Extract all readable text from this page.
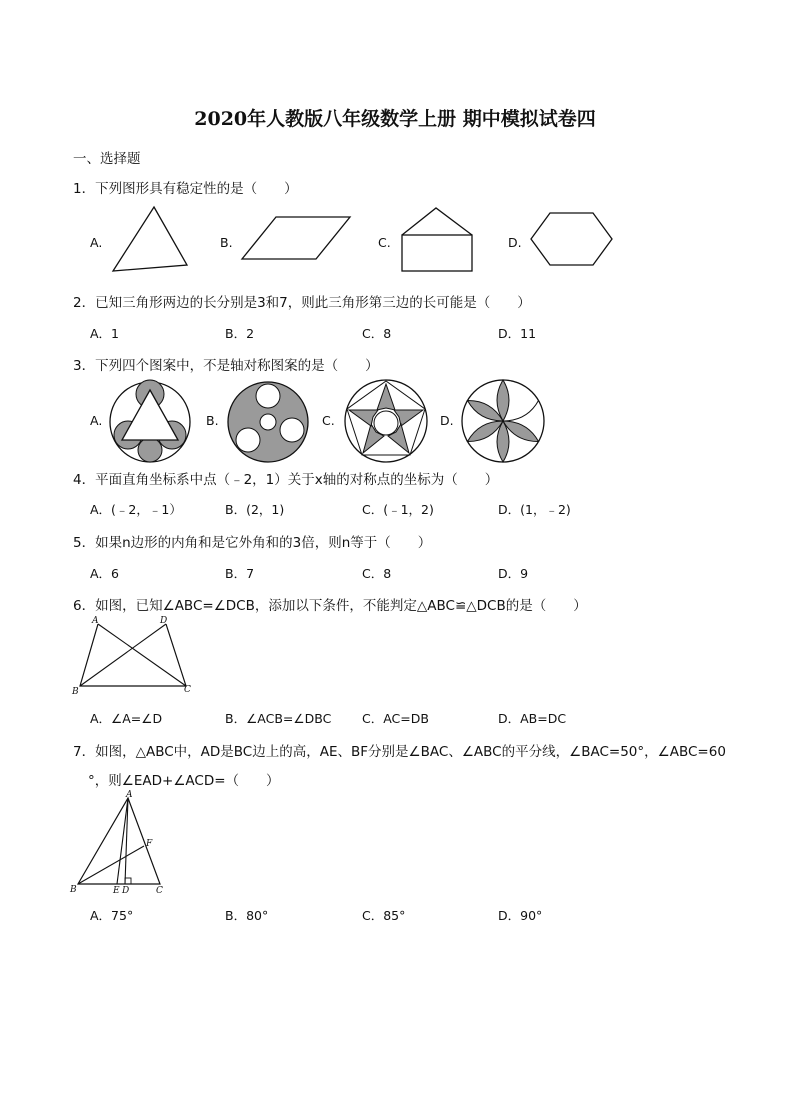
2020年人教版八年级数学上册 期中模拟试卷四
一、选择题
1．下列图形具有稳定性的是（　　）
A.	B.	C.	D.
2．已知三角形两边的长分别是3和7，则此三角形第三边的长可能是（　　）
A．1	B．2	C．8	D．11
3．下列四个图案中，不是轴对称图案的是（　　）
A.	B.	C.	D.
4．平面直角坐标系中点（﹣2，1）关于x轴的对称点的坐标为（　　）
A．(﹣2，﹣1）	B．(2，1)	C．(﹣1，2)	D．(1，﹣2)
5．如果n边形的内角和是它外角和的3倍，则n等于（　　）
A．6	B．7	C．8	D．9
6．如图，已知∠ABC=∠DCB，添加以下条件，不能判定△ABC≌△DCB的是（　　）
A	D
B	C
A．∠A=∠D	B．∠ACB=∠DBC C．AC=DB	D．AB=DC
7．如图，△ABC中，AD是BC边上的高，AE、BF分别是∠BAC、∠ABC的平分线，∠BAC=50°，∠ABC=60
°，则∠EAD+∠ACD=（　　）
A
F
B	E D	C
A．75°	B．80°	C．85°	D．90°
